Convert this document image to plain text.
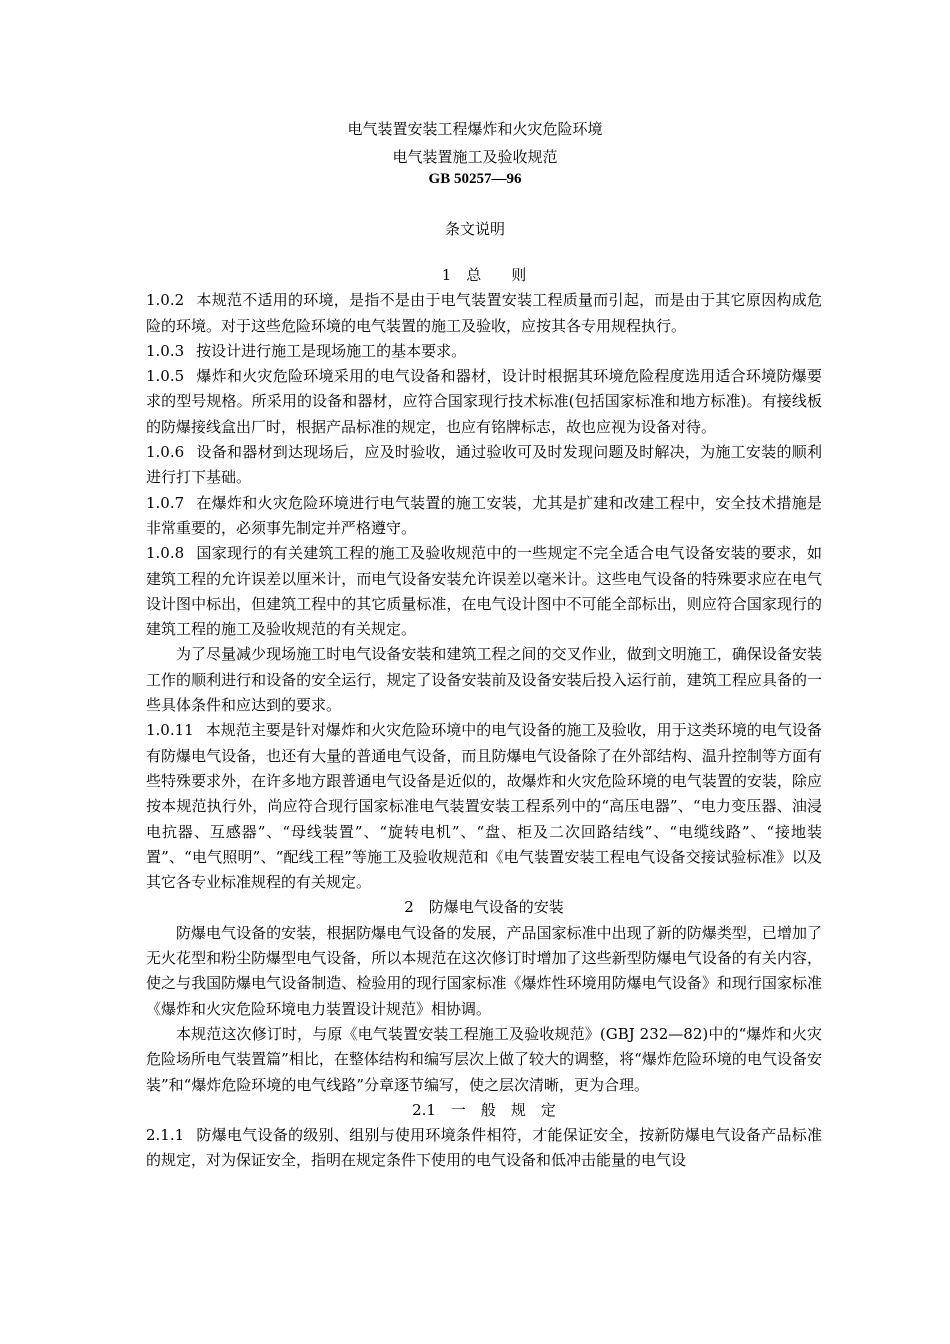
电气装置安装工程爆炸和火灾危险环境
电气装置施工及验收规范
GB 50257—96
条文说明
1　总　　则

1.0.2 本规范不适用的环境，是指不是由于电气装置安装工程质量而引起，而是由于其它原因构成危险的环境。对于这些危险环境的电气装置的施工及验收，应按其各专用规程执行。

1.0.3 按设计进行施工是现场施工的基本要求。

1.0.5 爆炸和火灾危险环境采用的电气设备和器材，设计时根据其环境危险程度选用适合环境防爆要求的型号规格。所采用的设备和器材，应符合国家现行技术标准(包括国家标准和地方标准)。有接线板的防爆接线盒出厂时，根据产品标准的规定，也应有铭牌标志，故也应视为设备对待。

1.0.6 设备和器材到达现场后，应及时验收，通过验收可及时发现问题及时解决，为施工安装的顺利进行打下基础。

1.0.7 在爆炸和火灾危险环境进行电气装置的施工安装，尤其是扩建和改建工程中，安全技术措施是非常重要的，必须事先制定并严格遵守。

1.0.8 国家现行的有关建筑工程的施工及验收规范中的一些规定不完全适合电气设备安装的要求，如建筑工程的允许误差以厘米计，而电气设备安装允许误差以毫米计。这些电气设备的特殊要求应在电气设计图中标出，但建筑工程中的其它质量标准，在电气设计图中不可能全部标出，则应符合国家现行的建筑工程的施工及验收规范的有关规定。

为了尽量减少现场施工时电气设备安装和建筑工程之间的交叉作业，做到文明施工，确保设备安装工作的顺利进行和设备的安全运行，规定了设备安装前及设备安装后投入运行前，建筑工程应具备的一些具体条件和应达到的要求。

1.0.11 本规范主要是针对爆炸和火灾危险环境中的电气设备的施工及验收，用于这类环境的电气设备有防爆电气设备，也还有大量的普通电气设备，而且防爆电气设备除了在外部结构、温升控制等方面有些特殊要求外，在许多地方跟普通电气设备是近似的，故爆炸和火灾危险环境的电气装置的安装，除应按本规范执行外，尚应符合现行国家标准电气装置安装工程系列中的“高压电器”、“电力变压器、油浸电抗器、互感器”、“母线装置”、“旋转电机”、“盘、柜及二次回路结线”、“电缆线路”、“接地装置”、“电气照明”、“配线工程”等施工及验收规范和《电气装置安装工程电气设备交接试验标准》以及其它各专业标准规程的有关规定。

2　防爆电气设备的安装

防爆电气设备的安装，根据防爆电气设备的发展，产品国家标准中出现了新的防爆类型，已增加了无火花型和粉尘防爆型电气设备，所以本规范在这次修订时增加了这些新型防爆电气设备的有关内容，使之与我国防爆电气设备制造、检验用的现行国家标准《爆炸性环境用防爆电气设备》和现行国家标准《爆炸和火灾危险环境电力装置设计规范》相协调。

本规范这次修订时，与原《电气装置安装工程施工及验收规范》(GBJ 232—82)中的“爆炸和火灾危险场所电气装置篇”相比，在整体结构和编写层次上做了较大的调整，将“爆炸危险环境的电气设备安装”和“爆炸危险环境的电气线路”分章逐节编写，使之层次清晰，更为合理。

2.1　一　般　规　定

2.1.1 防爆电气设备的级别、组别与使用环境条件相符，才能保证安全，按新防爆电气设备产品标准的规定，对为保证安全，指明在规定条件下使用的电气设备和低冲击能量的电气设
